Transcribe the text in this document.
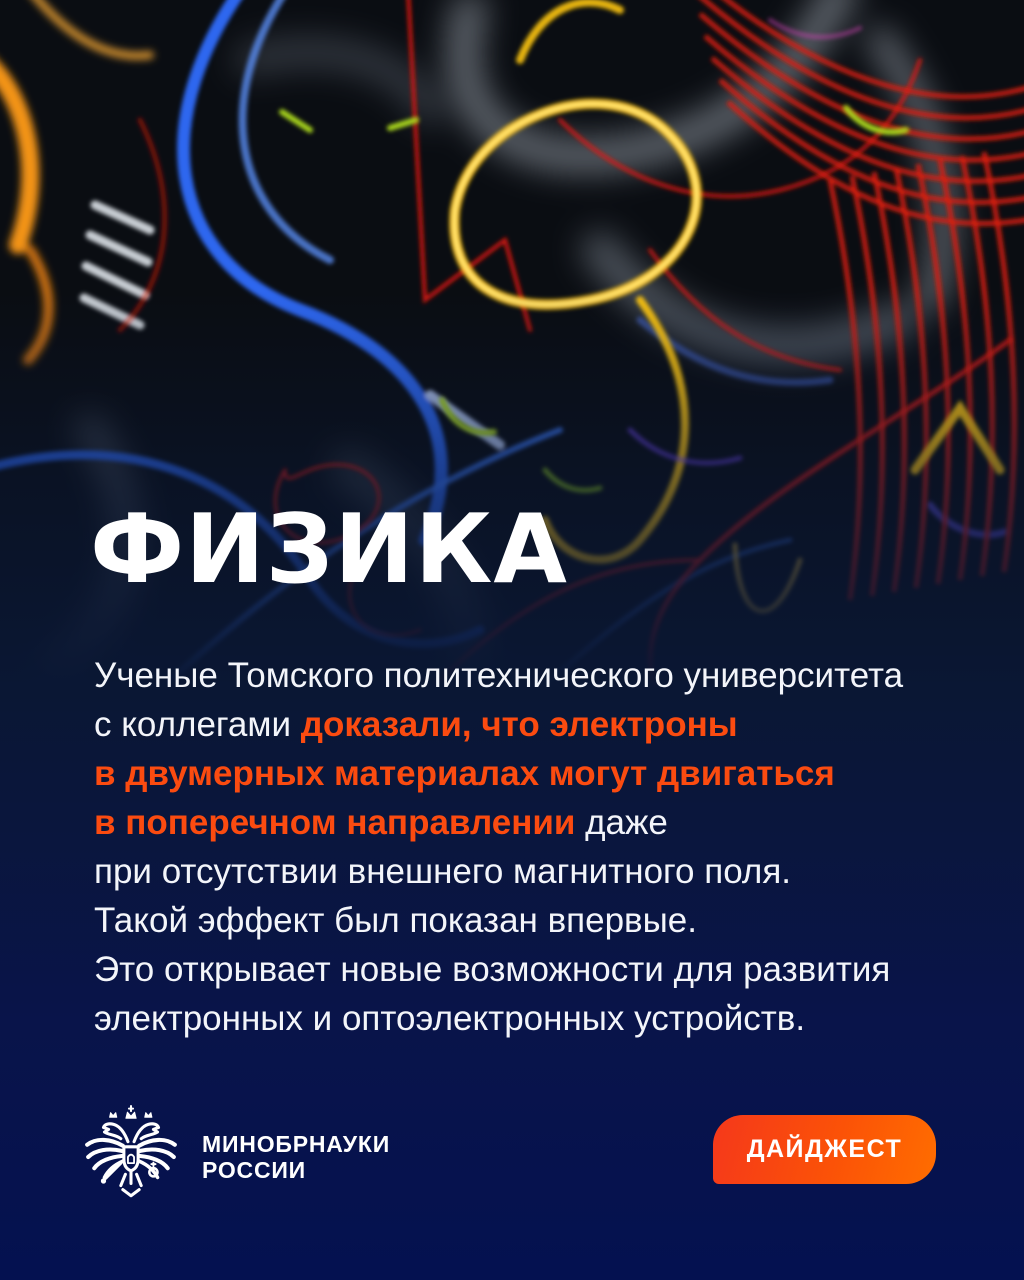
ФИЗИКА
Ученые Томского политехнического университета
с коллегами доказали, что электроны
в двумерных материалах могут двигаться
в поперечном направлении даже
при отсутствии внешнего магнитного поля.
Такой эффект был показан впервые.
Это открывает новые возможности для развития
электронных и оптоэлектронных устройств.
МИНОБРНАУКИ
РОССИИ
ДАЙДЖЕСТ
